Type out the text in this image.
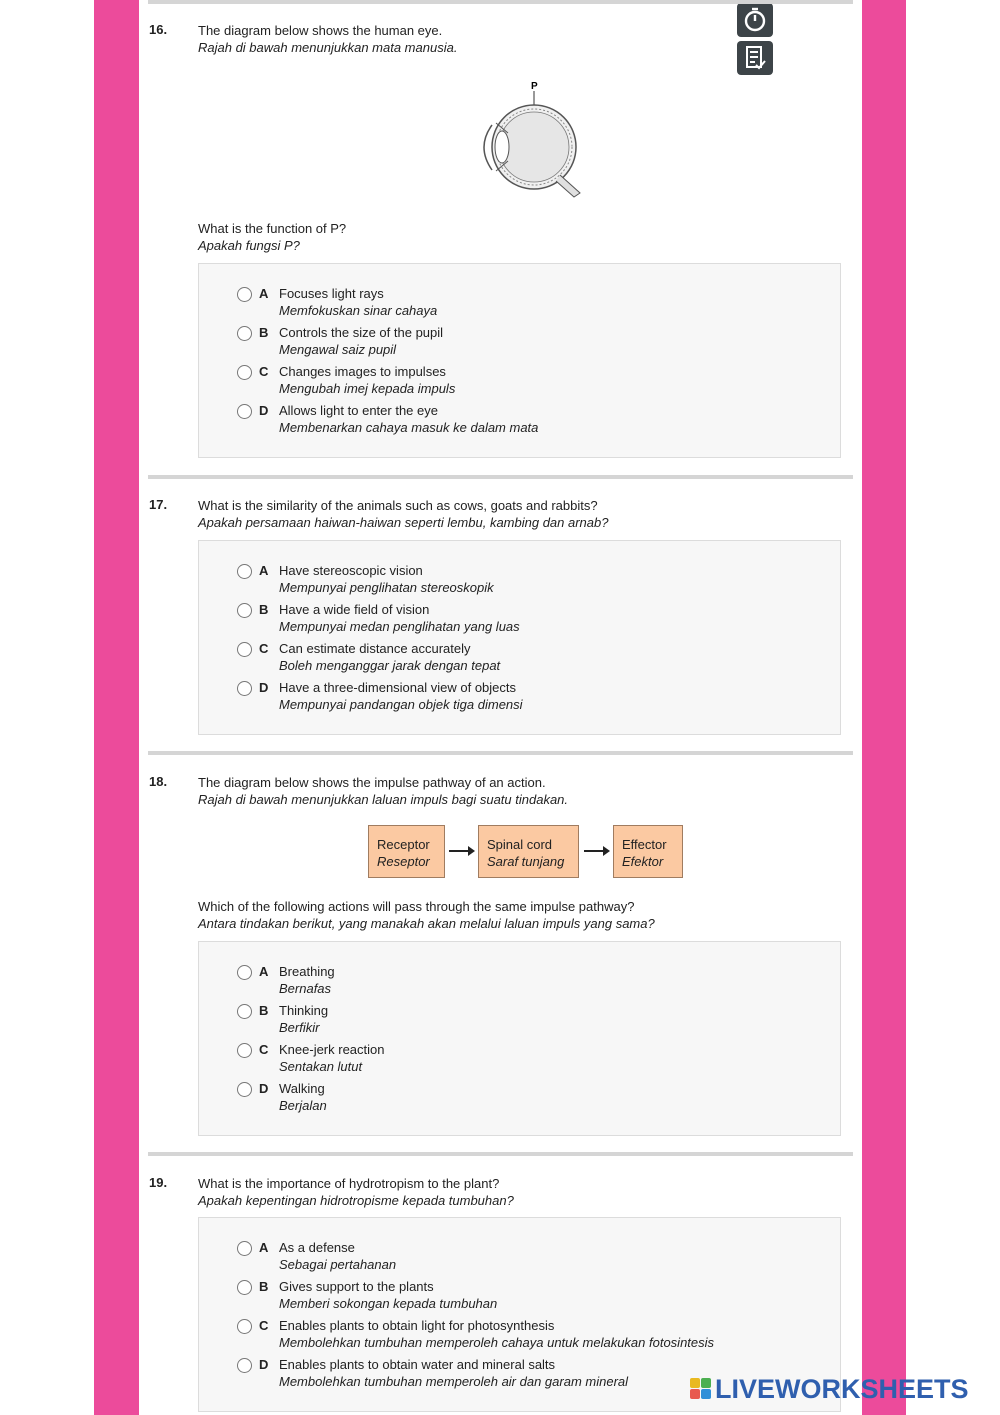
16. The diagram below shows the human eye.
Rajah di bawah menunjukkan mata manusia.
P
What is the function of P?
Apakah fungsi P?
A Focuses light rays
Memfokuskan sinar cahaya
B Controls the size of the pupil
Mengawal saiz pupil
C Changes images to impulses
Mengubah imej kepada impuls
D Allows light to enter the eye
Membenarkan cahaya masuk ke dalam mata
17. What is the similarity of the animals such as cows, goats and rabbits?
Apakah persamaan haiwan-haiwan seperti lembu, kambing dan arnab?
A Have stereoscopic vision
Mempunyai penglihatan stereoskopik
B Have a wide field of vision
Mempunyai medan penglihatan yang luas
C Can estimate distance accurately
Boleh menganggar jarak dengan tepat
D Have a three-dimensional view of objects
Mempunyai pandangan objek tiga dimensi
18. The diagram below shows the impulse pathway of an action.
Rajah di bawah menunjukkan laluan impuls bagi suatu tindakan.
Receptor
Reseptor
Spinal cord
Saraf tunjang
Effector
Efektor
Which of the following actions will pass through the same impulse pathway?
Antara tindakan berikut, yang manakah akan melalui laluan impuls yang sama?
A Breathing
Bernafas
B Thinking
Berfikir
C Knee-jerk reaction
Sentakan lutut
D Walking
Berjalan
19. What is the importance of hydrotropism to the plant?
Apakah kepentingan hidrotropisme kepada tumbuhan?
A As a defense
Sebagai pertahanan
B Gives support to the plants
Memberi sokongan kepada tumbuhan
C Enables plants to obtain light for photosynthesis
Membolehkan tumbuhan memperoleh cahaya untuk melakukan fotosintesis
D Enables plants to obtain water and mineral salts
Membolehkan tumbuhan memperoleh air dan garam mineral	LIVEWORKSHEETS
